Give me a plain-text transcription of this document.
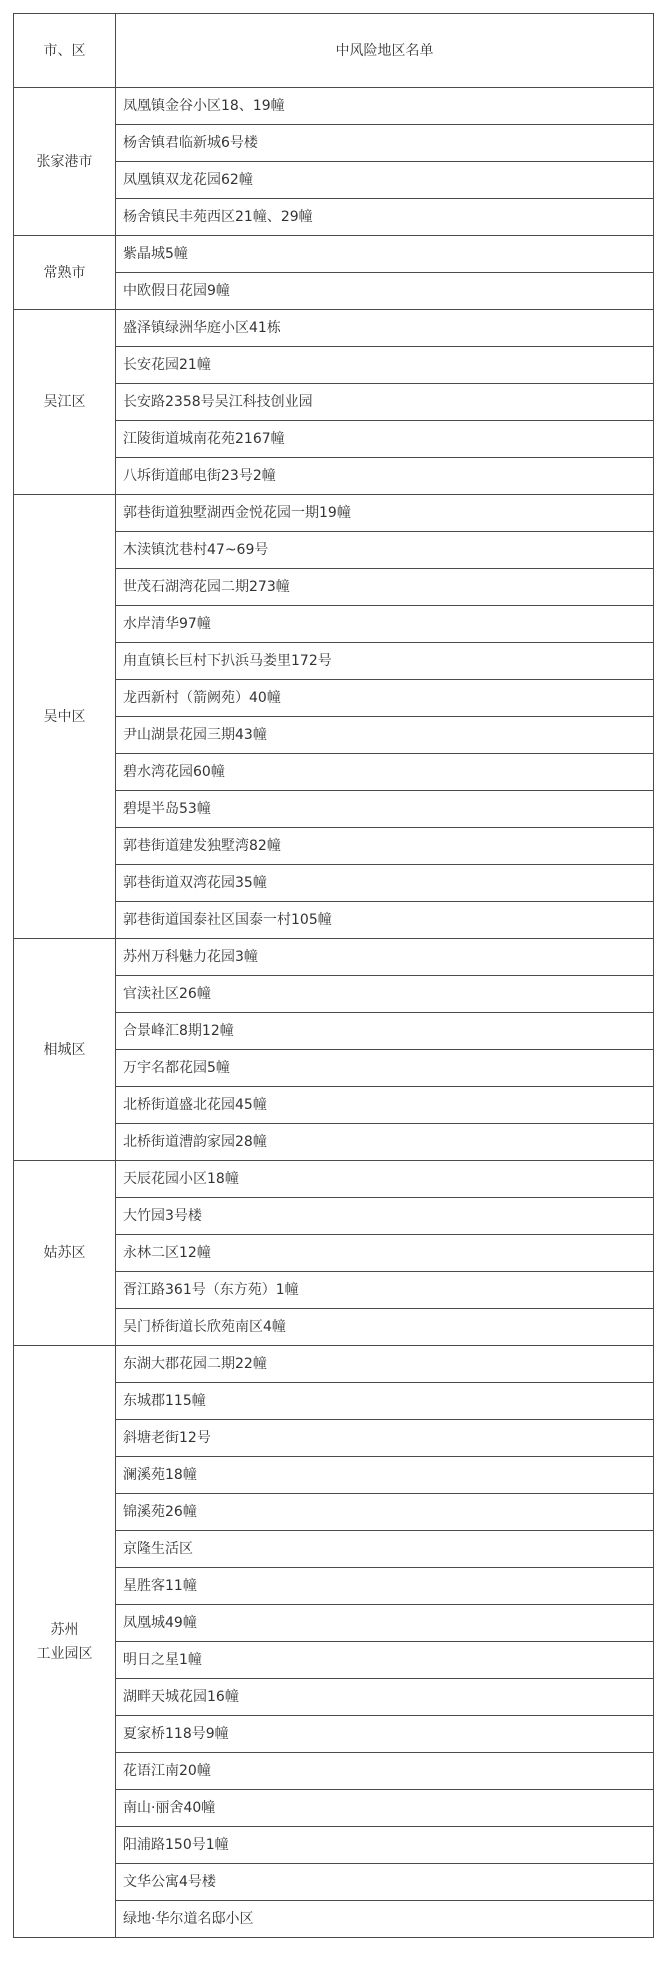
市、区	中风险地区名单
张家港市	凤凰镇金谷小区18、19幢
	杨舍镇君临新城6号楼
	凤凰镇双龙花园62幢
	杨舍镇民丰苑西区21幢、29幢
常熟市	紫晶城5幢
	中欧假日花园9幢
吴江区	盛泽镇绿洲华庭小区41栋
	长安花园21幢
	长安路2358号吴江科技创业园
	江陵街道城南花苑2167幢
	八坼街道邮电街23号2幢
吴中区	郭巷街道独墅湖西金悦花园一期19幢
	木渎镇沈巷村47~69号
	世茂石湖湾花园二期273幢
	水岸清华97幢
	甪直镇长巨村下扒浜马娄里172号
	龙西新村（箭阙苑）40幢
	尹山湖景花园三期43幢
	碧水湾花园60幢
	碧堤半岛53幢
	郭巷街道建发独墅湾82幢
	郭巷街道双湾花园35幢
	郭巷街道国泰社区国泰一村105幢
相城区	苏州万科魅力花园3幢
	官渎社区26幢
	合景峰汇8期12幢
	万宇名都花园5幢
	北桥街道盛北花园45幢
	北桥街道漕韵家园28幢
姑苏区	天辰花园小区18幢
	大竹园3号楼
	永林二区12幢
	胥江路361号（东方苑）1幢
	吴门桥街道长欣苑南区4幢

苏州
工业园区	东湖大郡花园二期22幢
	东城郡115幢
	斜塘老街12号
	澜溪苑18幢
	锦溪苑26幢
	京隆生活区
	星胜客11幢
	凤凰城49幢
	明日之星1幢
	湖畔天城花园16幢
	夏家桥118号9幢
	花语江南20幢
	南山·丽舍40幢
	阳浦路150号1幢
	文华公寓4号楼
	绿地·华尔道名邸小区
